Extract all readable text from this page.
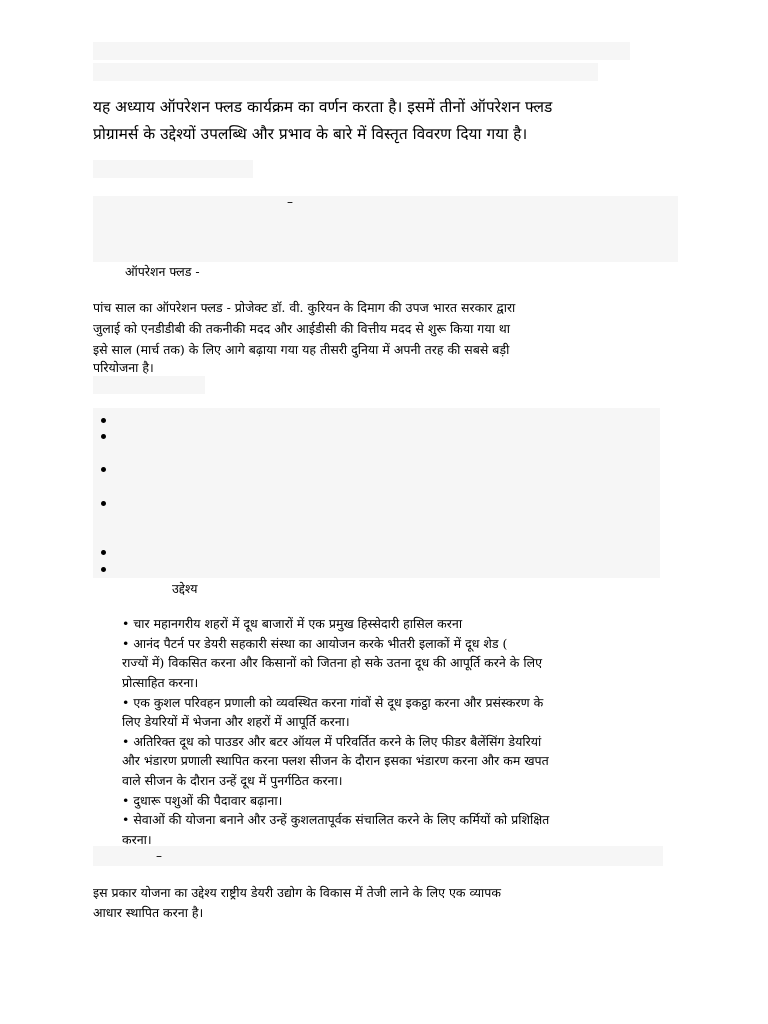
यह अध्याय ऑपरेशन फ्लड कार्यक्रम का वर्णन करता है। इसमें तीनों ऑपरेशन फ्लड
प्रोग्रामर्स के उद्देश्यों उपलब्धि और प्रभाव के बारे में विस्तृत विवरण दिया गया है।
–
ऑपरेशन फ्लड -
पांच साल का ऑपरेशन फ्लड - प्रोजेक्ट डॉ. वी. कुरियन के दिमाग की उपज भारत सरकार द्वारा
जुलाई को एनडीडीबी की तकनीकी मदद और आईडीसी की वित्तीय मदद से शुरू किया गया था
इसे साल (मार्च तक) के लिए आगे बढ़ाया गया यह तीसरी दुनिया में अपनी तरह की सबसे बड़ी
परियोजना है।
उद्देश्य
• चार महानगरीय शहरों में दूध बाजारों में एक प्रमुख हिस्सेदारी हासिल करना
• आनंद पैटर्न पर डेयरी सहकारी संस्था का आयोजन करके भीतरी इलाकों में दूध शेड (
राज्यों में) विकसित करना और किसानों को जितना हो सके उतना दूध की आपूर्ति करने के लिए
प्रोत्साहित करना।
• एक कुशल परिवहन प्रणाली को व्यवस्थित करना गांवों से दूध इकट्ठा करना और प्रसंस्करण के
लिए डेयरियों में भेजना और शहरों में आपूर्ति करना।
• अतिरिक्त दूध को पाउडर और बटर ऑयल में परिवर्तित करने के लिए फीडर बैलेंसिंग डेयरियां
और भंडारण प्रणाली स्थापित करना फ्लश सीजन के दौरान इसका भंडारण करना और कम खपत
वाले सीजन के दौरान उन्हें दूध में पुनर्गठित करना।
• दुधारू पशुओं की पैदावार बढ़ाना।
• सेवाओं की योजना बनाने और उन्हें कुशलतापूर्वक संचालित करने के लिए कर्मियों को प्रशिक्षित
करना।
–
इस प्रकार योजना का उद्देश्य राष्ट्रीय डेयरी उद्योग के विकास में तेजी लाने के लिए एक व्यापक
आधार स्थापित करना है।
